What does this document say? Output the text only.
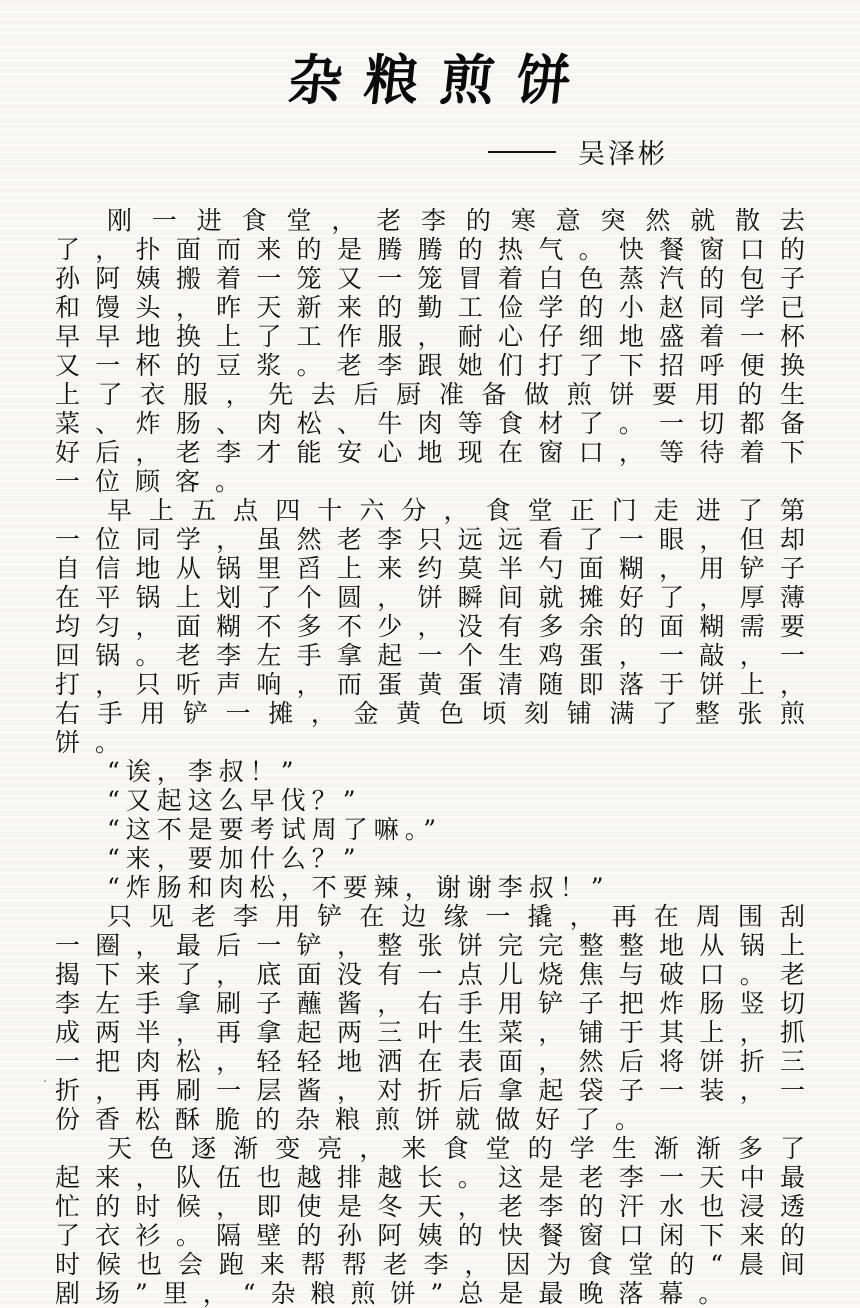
杂粮煎饼
吴泽彬

刚一进食堂，老李的寒意突然就散去了，扑面而来的是腾腾的热气。快餐窗口的孙阿姨搬着一笼又一笼冒着白色蒸汽的包子和馒头，昨天新来的勤工俭学的小赵同学已早早地换上了工作服，耐心仔细地盛着一杯又一杯的豆浆。老李跟她们打了下招呼便换上了衣服，先去后厨准备做煎饼要用的生菜、炸肠、肉松、牛肉等食材了。一切都备好后，老李才能安心地现在窗口，等待着下一位顾客。

早上五点四十六分，食堂正门走进了第一位同学，虽然老李只远远看了一眼，但却自信地从锅里舀上来约莫半勺面糊，用铲子在平锅上划了个圆，饼瞬间就摊好了，厚薄均匀，面糊不多不少，没有多余的面糊需要回锅。老李左手拿起一个生鸡蛋，一敲，一打，只听声响，而蛋黄蛋清随即落于饼上，右手用铲一摊，金黄色顷刻铺满了整张煎饼。

“诶，李叔！”

“又起这么早伐？”

“这不是要考试周了嘛。”

“来，要加什么？”

“炸肠和肉松，不要辣，谢谢李叔！”

只见老李用铲在边缘一撬，再在周围刮一圈，最后一铲，整张饼完完整整地从锅上揭下来了，底面没有一点儿烧焦与破口。老李左手拿刷子蘸酱，右手用铲子把炸肠竖切成两半，再拿起两三叶生菜，铺于其上，抓一把肉松，轻轻地洒在表面，然后将饼折三折，再刷一层酱，对折后拿起袋子一装，一份香松酥脆的杂粮煎饼就做好了。

天色逐渐变亮，来食堂的学生渐渐多了起来，队伍也越排越长。这是老李一天中最忙的时候，即使是冬天，老李的汗水也浸透了衣衫。隔壁的孙阿姨的快餐窗口闲下来的时候也会跑来帮帮老李，因为食堂的“晨间剧场”里，“杂粮煎饼”总是最晚落幕。
